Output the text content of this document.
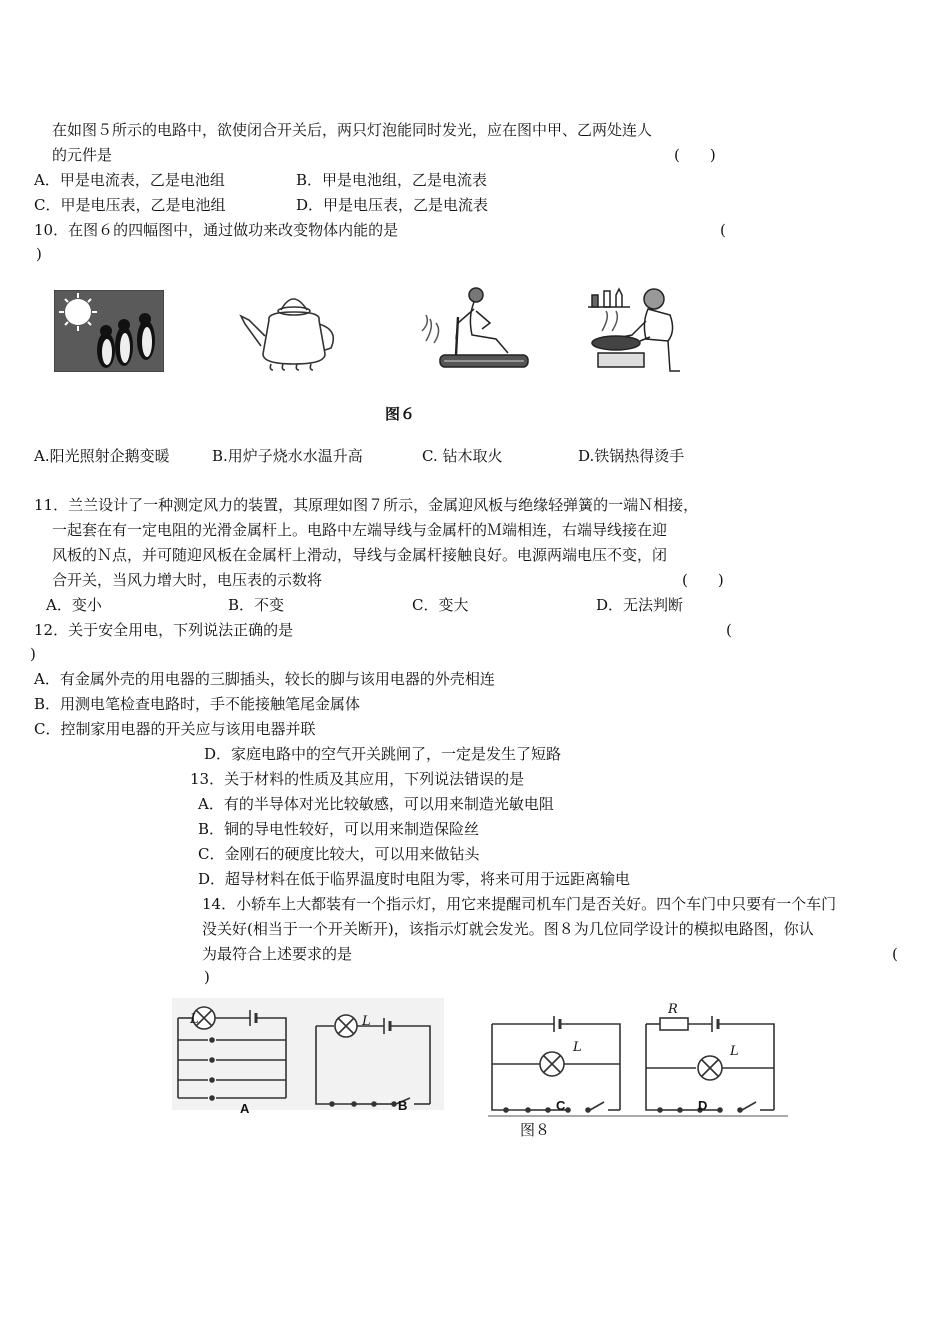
在如图５所示的电路中，欲使闭合开关后，两只灯泡能同时发光，应在图中甲、乙两处连人
的元件是	(　　)
A．甲是电流表，乙是电池组	B．甲是电池组，乙是电流表
C．甲是电压表，乙是电池组	D．甲是电压表，乙是电流表
10．在图６的四幅图中，通过做功来改变物体内能的是	(
)
图６
A.阳光照射企鹅变暖	B.用炉子烧水水温升高	C. 钻木取火	D.铁锅热得烫手
11．兰兰设计了一种测定风力的装置，其原理如图７所示，金属迎风板与绝缘轻弹簧的一端Ｎ相接，
一起套在有一定电阻的光滑金属杆上。电路中左端导线与金属杆的Ｍ端相连，右端导线接在迎
风板的Ｎ点，并可随迎风板在金属杆上滑动，导线与金属杆接触良好。电源两端电压不变，闭
合开关，当风力增大时，电压表的示数将	(　　)
A．变小	B．不变	C．变大	D．无法判断
12．关于安全用电，下列说法正确的是	(
)
A．有金属外壳的用电器的三脚插头，较长的脚与该用电器的外壳相连
B．用测电笔检查电路时，手不能接触笔尾金属体
C．控制家用电器的开关应与该用电器并联
D．家庭电路中的空气开关跳闸了，一定是发生了短路
13．关于材料的性质及其应用，下列说法错误的是
A．有的半导体对光比较敏感，可以用来制造光敏电阻
B．铜的导电性较好，可以用来制造保险丝
C．金刚石的硬度比较大，可以用来做钻头
D．超导材料在低于临界温度时电阻为零，将来可用于远距离输电
14．小轿车上大都装有一个指示灯，用它来提醒司机车门是否关好。四个车门中只要有一个车门
没关好(相当于一个开关断开)，该指示灯就会发光。图８为几位同学设计的模拟电路图，你认
为最符合上述要求的是	(
)
L	L
A	B
L	L
R
C	D
图８
